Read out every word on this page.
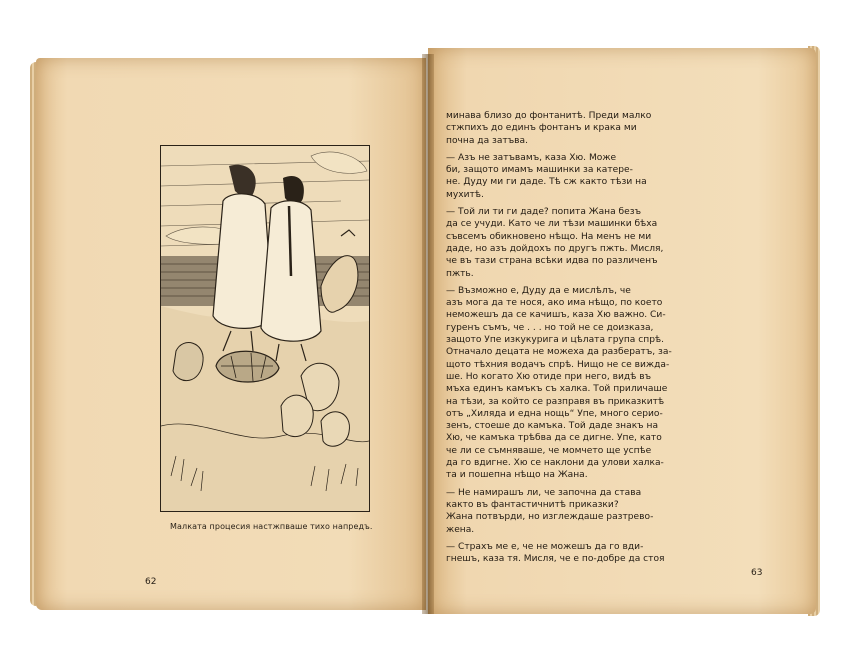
Малката процесия настжпваше тихо напредъ.
62
63
минава близо до фонтанитѣ. Преди малко
стжпихъ до единъ фонтанъ и крака ми
почна да затъва.
— Азъ не затъвамъ, каза Хю. Може
би, защото имамъ машинки за катере-
не. Дуду ми ги даде. Тѣ сж както тѣзи на
мухитѣ.
— Той ли ти ги даде? попита Жана безъ
да се учуди. Като че ли тѣзи машинки бѣха
съвсемъ обикновено нѣщо. На менъ не ми
даде, но азъ дойдохъ по другъ пжть. Мисля,
че въ тази страна всѣки идва по различенъ
пжть.
— Възможно е, Дуду да е мислѣлъ, че
азъ мога да те нося, ако има нѣщо, по което
неможешъ да се качишъ, каза Хю важно. Си-
гуренъ съмъ, че . . . но той не се доизказа,
защото Упе изкукурига и цѣлата група спрѣ.
Отначало децата не можеха да разбератъ, за-
щото тѣхния водачъ спрѣ. Нищо не се виждa-
ше. Но когато Хю отиде при него, видѣ въ
мъха единъ камъкъ съ халка. Той приличаше
на тѣзи, за който се разправя въ приказкитѣ
отъ „Хиляда и една нощь“ Упе, много серио-
зенъ, стоеше до камъка. Той даде знакъ на
Хю, че камъка трѣбва да се дигне. Упе, като
че ли се съмняваше, че момчето ще успѣе
да го вдигне. Хю се наклони да улови халка-
та и пошепна нѣщо на Жана.
— Не намирашъ ли, че започна да става
както въ фантастичнитѣ приказки?
Жана потвърди, но изглеждаше разтрево-
жена.
— Страхъ ме е, че не можешъ да го вди-
гнешъ, каза тя. Мисля, че е по-добре да стоя
